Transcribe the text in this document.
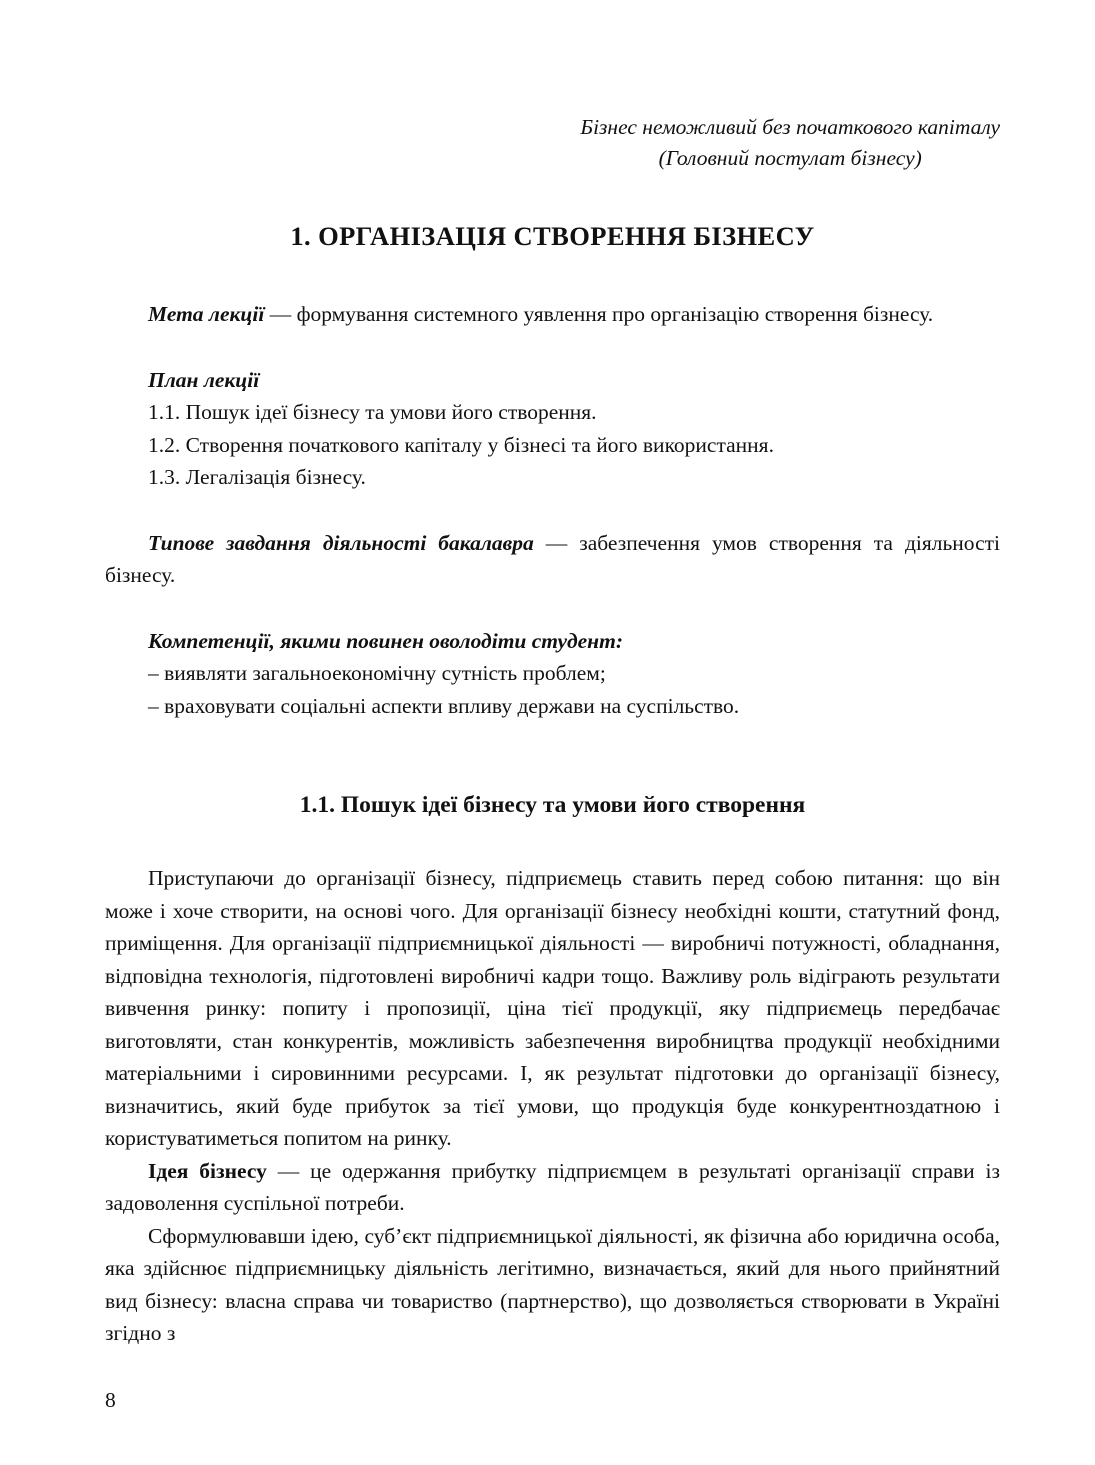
Бізнес неможливий без початкового капіталу
(Головний постулат бізнесу)
1. ОРГАНІЗАЦІЯ СТВОРЕННЯ БІЗНЕСУ

Мета лекції — формування системного уявлення про організацію створення бізнесу.

План лекції

1.1. Пошук ідеї бізнесу та умови його створення.

1.2. Створення початкового капіталу у бізнесі та його використання.

1.3. Легалізація бізнесу.

Типове завдання діяльності бакалавра — забезпечення умов створення та діяльності бізнесу.

Компетенції, якими повинен оволодіти студент:

– виявляти загальноекономічну сутність проблем;

– враховувати соціальні аспекти впливу держави на суспільство.

1.1. Пошук ідеї бізнесу та умови його створення

Приступаючи до організації бізнесу, підприємець ставить перед собою питання: що він може і хоче створити, на основі чого. Для організації бізнесу необхідні кошти, статутний фонд, приміщення. Для організації підприємницької діяльності — виробничі потужності, обладнання, відповідна технологія, підготовлені виробничі кадри тощо. Важливу роль відіграють результати вивчення ринку: попиту і пропозиції, ціна тієї продукції, яку підприємець передбачає виготовляти, стан конкурентів, можливість забезпечення виробництва продукції необхідними матеріальними і сировинними ресурсами. І, як результат підготовки до організації бізнесу, визначитись, який буде прибуток за тієї умови, що продукція буде конкурентноздатною і користуватиметься попитом на ринку.

Ідея бізнесу — це одержання прибутку підприємцем в результаті організації справи із задоволення суспільної потреби.

Сформулювавши ідею, суб’єкт підприємницької діяльності, як фізична або юридична особа, яка здійснює підприємницьку діяльність легітимно, визначається, який для нього прийнятний вид бізнесу: власна справа чи товариство (партнерство), що дозволяється створювати в Україні згідно з

8
